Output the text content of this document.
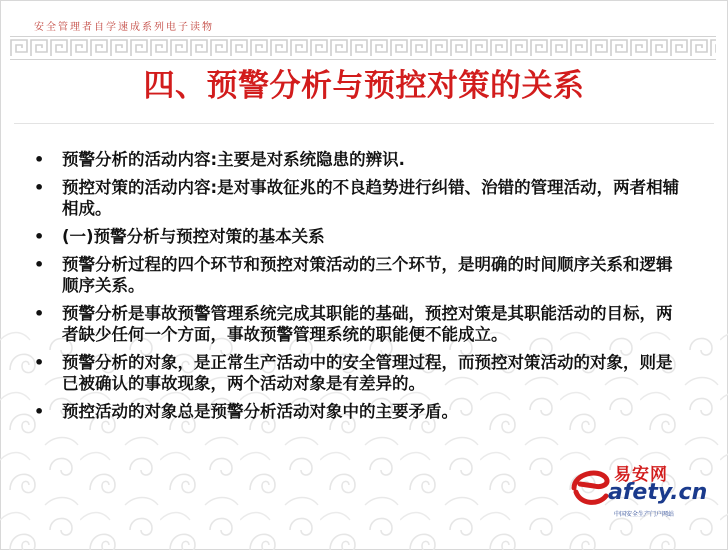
安全管理者自学速成系列电子读物
四、预警分析与预控对策的关系
• 预警分析的活动内容:主要是对系统隐患的辨识.
• 预控对策的活动内容:是对事故征兆的不良趋势进行纠错、治错的管理活动，两者相辅相成。
• (一)预警分析与预控对策的基本关系
• 预警分析过程的四个环节和预控对策活动的三个环节，是明确的时间顺序关系和逻辑顺序关系。
• 预警分析是事故预警管理系统完成其职能的基础，预控对策是其职能活动的目标，两者缺少任何一个方面，事故预警管理系统的职能便不能成立。
• 预警分析的对象，是正常生产活动中的安全管理过程，而预控对策活动的对象，则是已被确认的事故现象，两个活动对象是有差异的。
• 预控活动的对象总是预警分析活动对象中的主要矛盾。
易安网
afety.cn
中国安全生产门户网站
